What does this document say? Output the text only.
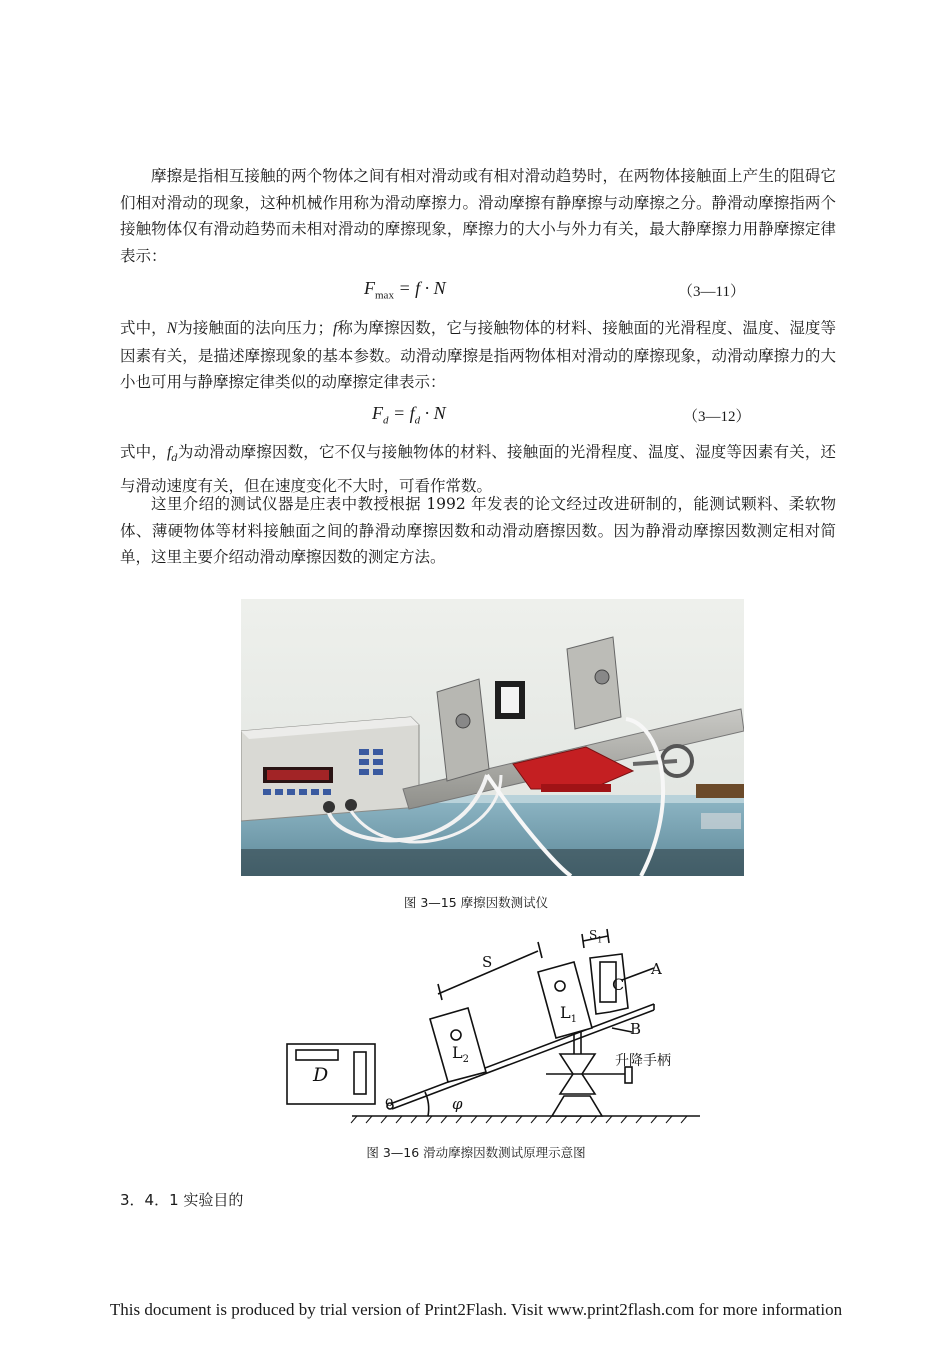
摩擦是指相互接触的两个物体之间有相对滑动或有相对滑动趋势时，在两物体接触面上产生的阻碍它们相对滑动的现象，这种机械作用称为滑动摩擦力。滑动摩擦有静摩擦与动摩擦之分。静滑动摩擦指两个接触物体仅有滑动趋势而未相对滑动的摩擦现象，摩擦力的大小与外力有关，最大静摩擦力用静摩擦定律表示：

$F_{max} = f \cdot N$	（3—11）

式中，N为接触面的法向压力；f称为摩擦因数，它与接触物体的材料、接触面的光滑程度、温度、湿度等因素有关，是描述摩擦现象的基本参数。动滑动摩擦是指两物体相对滑动的摩擦现象，动滑动摩擦力的大小也可用与静摩擦定律类似的动摩擦定律表示：

$F_d = f_d \cdot N$	（3—12）

式中，$f_d$为动滑动摩擦因数，它不仅与接触物体的材料、接触面的光滑程度、温度、湿度等因素有关，还与滑动速度有关，但在速度变化不大时，可看作常数。

这里介绍的测试仪器是庄表中教授根据 1992 年发表的论文经过改进研制的，能测试颗料、柔软物体、薄硬物体等材料接触面之间的静滑动摩擦因数和动滑动磨擦因数。因为静滑动摩擦因数测定相对简单，这里主要介绍动滑动摩擦因数的测定方法。

图 3—15 摩擦因数测试仪
S
$S_1$
A
B
C
$L_1$
$L_2$
D
o	φ
升降手柄
图 3—16 滑动摩擦因数测试原理示意图
3．4．1 实验目的
This document is produced by trial version of Print2Flash. Visit www.print2flash.com for more information
